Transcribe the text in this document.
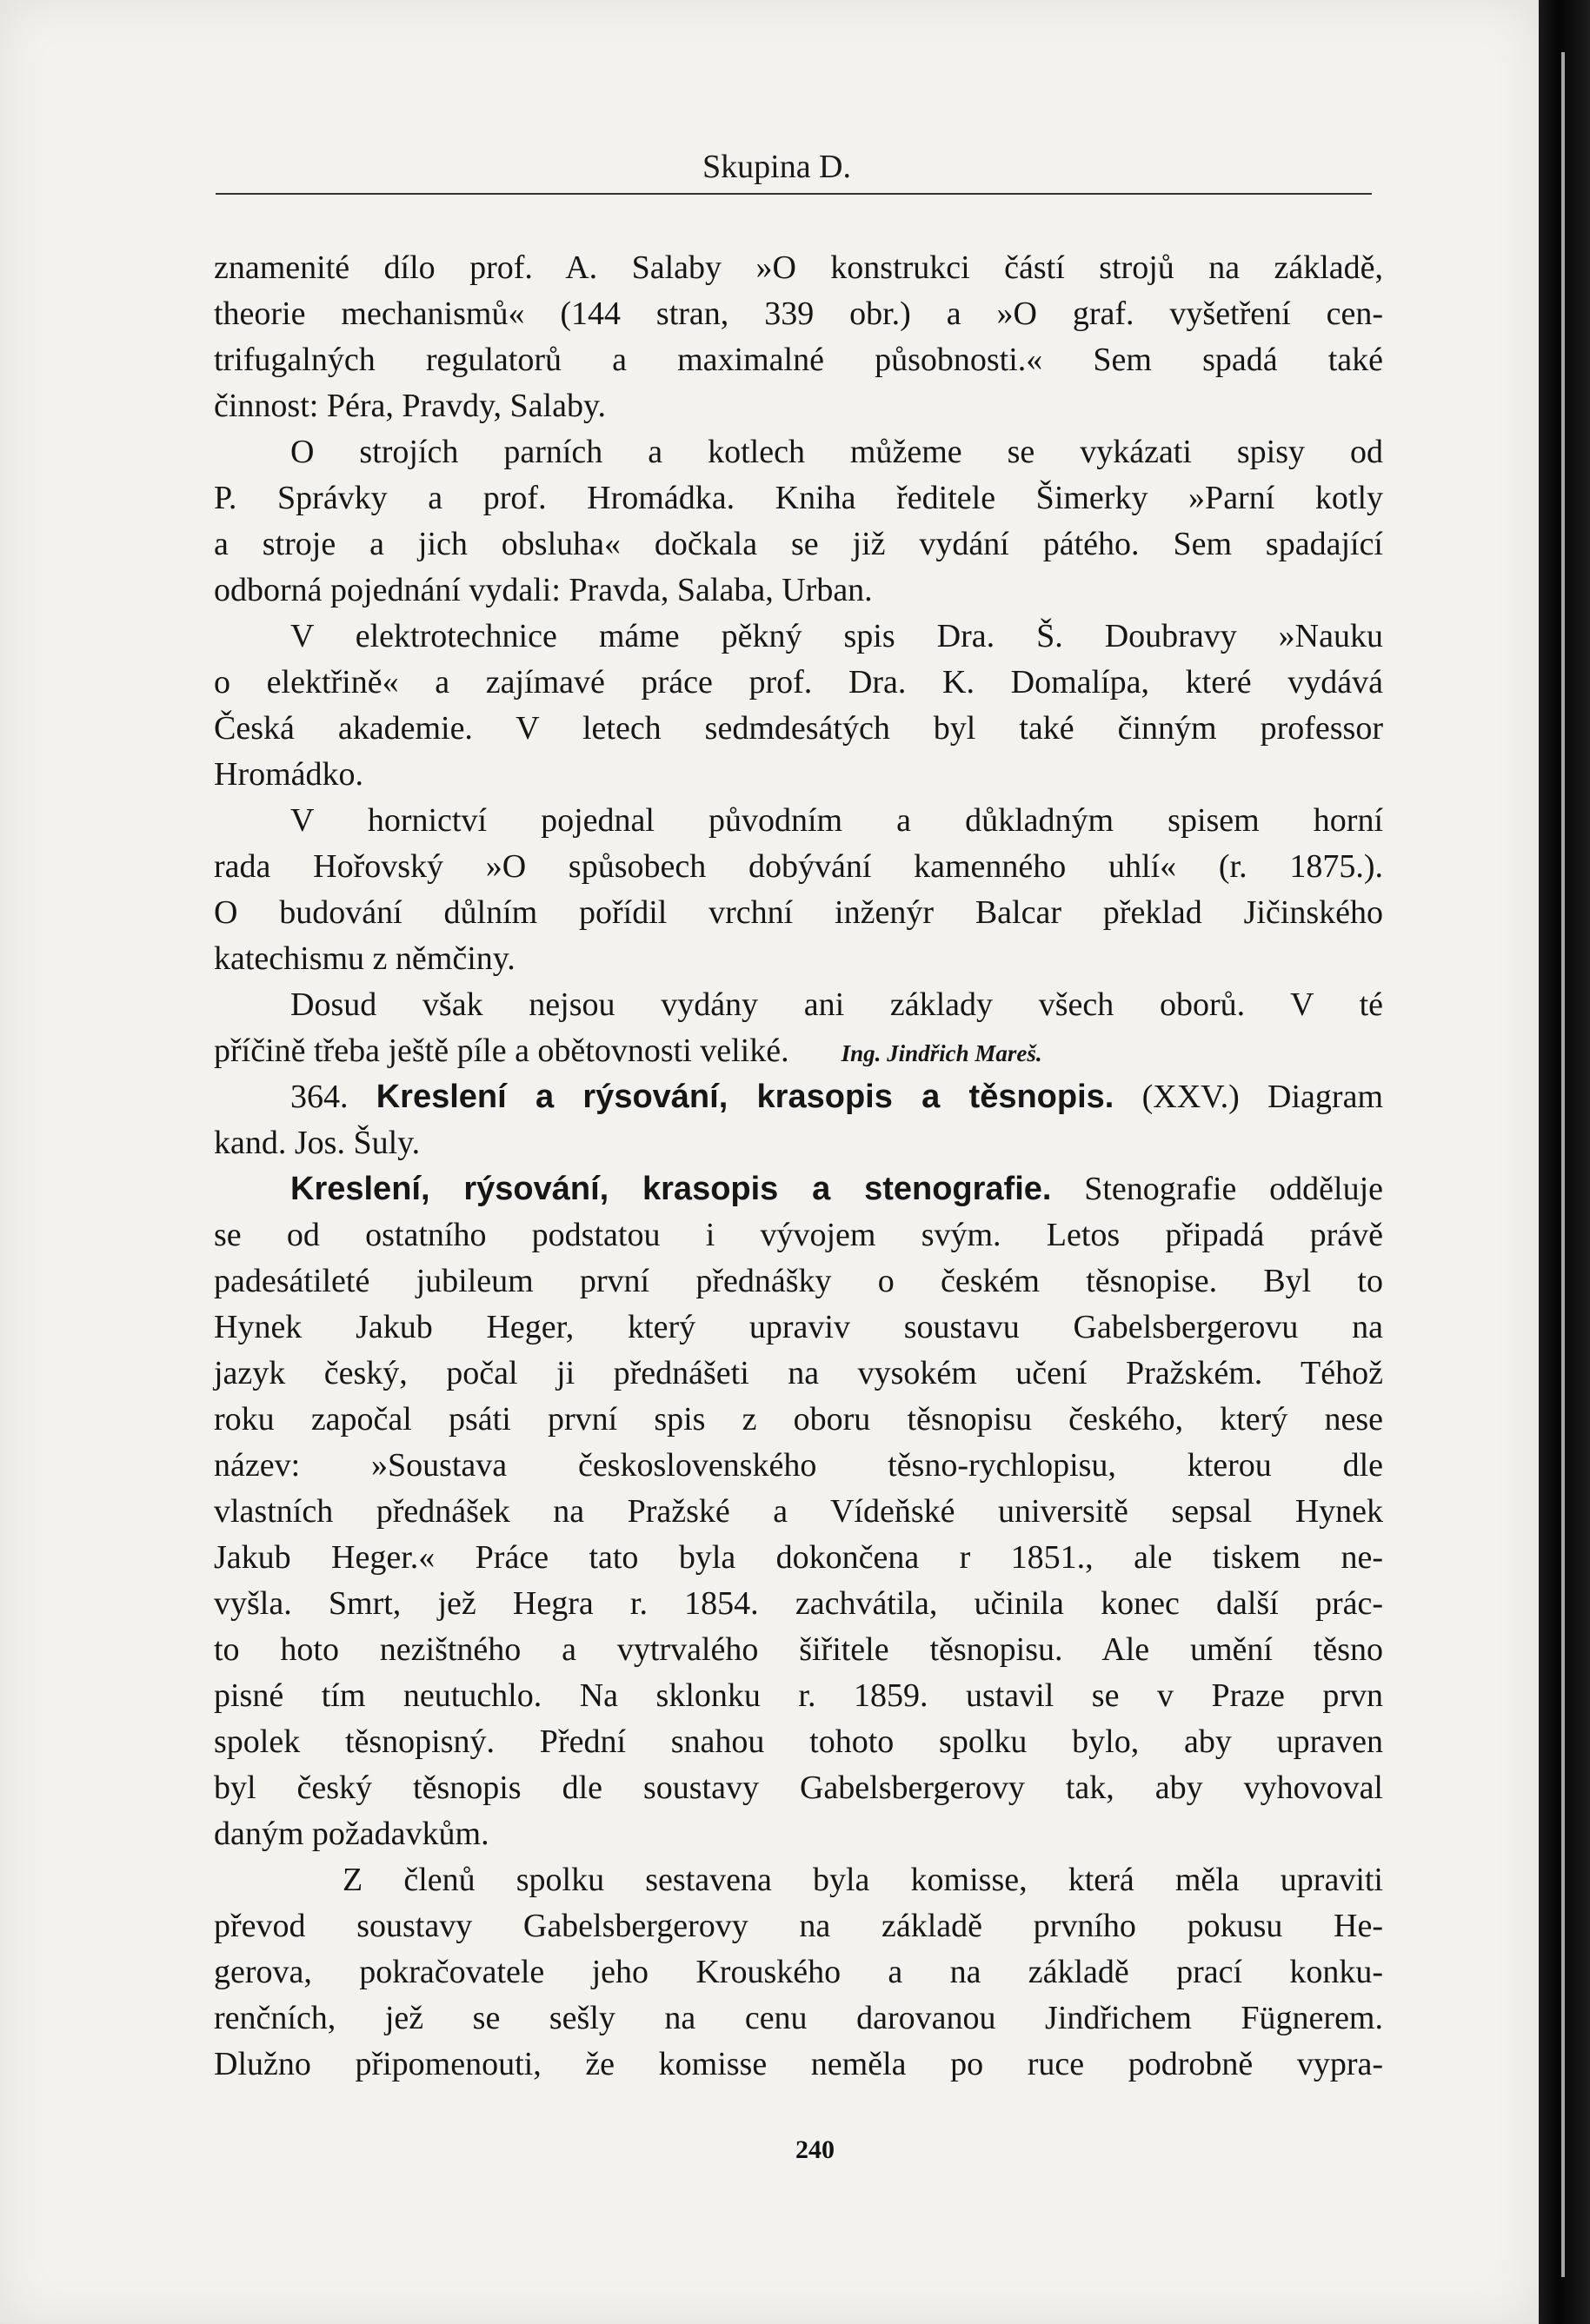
Skupina D.
znamenité dílo prof. A. Salaby »O konstrukci částí strojů na základě,
theorie mechanismů« (144 stran, 339 obr.) a »O graf. vyšetření cen-
trifugalných regulatorů a maximalné působnosti.« Sem spadá také
činnost: Péra, Pravdy, Salaby.
O strojích parních a kotlech můžeme se vykázati spisy od
P. Správky a prof. Hromádka. Kniha ředitele Šimerky »Parní kotly
a stroje a jich obsluha« dočkala se již vydání pátého. Sem spadající
odborná pojednání vydali: Pravda, Salaba, Urban.
V elektrotechnice máme pěkný spis Dra. Š. Doubravy »Nauku
o elektřině« a zajímavé práce prof. Dra. K. Domalípa, které vydává
Česká akademie. V letech sedmdesátých byl také činným professor
Hromádko.
V hornictví pojednal původním a důkladným spisem horní
rada Hořovský »O spůsobech dobývání kamenného uhlí« (r. 1875.).
O budování důlním pořídil vrchní inženýr Balcar překlad Jičinského
katechismu z němčiny.
Dosud však nejsou vydány ani základy všech oborů. V té
příčině třeba ještě píle a obětovnosti veliké. Ing. Jindřich Mareš.
364. Kreslení a rýsování, krasopis a těsnopis. (XXV.) Diagram
kand. Jos. Šuly.
Kreslení, rýsování, krasopis a stenografie. Stenografie odděluje
se od ostatního podstatou i vývojem svým. Letos připadá právě
padesátileté jubileum první přednášky o českém těsnopise. Byl to
Hynek Jakub Heger, který upraviv soustavu Gabelsbergerovu na
jazyk český, počal ji přednášeti na vysokém učení Pražském. Téhož
roku započal psáti první spis z oboru těsnopisu českého, který nese
název: »Soustava československého těsno-rychlopisu, kterou dle
vlastních přednášek na Pražské a Vídeňské universitě sepsal Hynek
Jakub Heger.« Práce tato byla dokončena r 1851., ale tiskem ne-
vyšla. Smrt, jež Hegra r. 1854. zachvátila, učinila konec další prác-
to hoto nezištného a vytrvalého šiřitele těsnopisu. Ale umění těsno
pisné tím neutuchlo. Na sklonku r. 1859. ustavil se v Praze prvn
spolek těsnopisný. Přední snahou tohoto spolku bylo, aby upraven
byl český těsnopis dle soustavy Gabelsbergerovy tak, aby vyhovoval
daným požadavkům.
Z členů spolku sestavena byla komisse, která měla upraviti
převod soustavy Gabelsbergerovy na základě prvního pokusu He-
gerova, pokračovatele jeho Krouského a na základě prací konku-
renčních, jež se sešly na cenu darovanou Jindřichem Fügnerem.
Dlužno připomenouti, že komisse neměla po ruce podrobně vypra-
240
